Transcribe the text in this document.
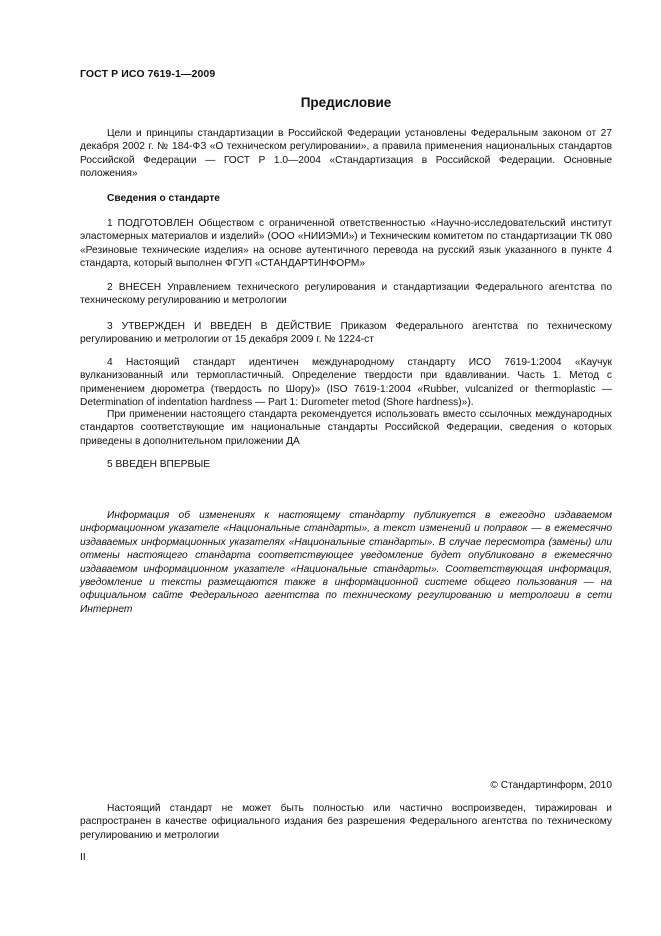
ГОСТ Р ИСО 7619-1—2009
Предисловие
Цели и принципы стандартизации в Российской Федерации установлены Федеральным законом от 27 декабря 2002 г. № 184-ФЗ «О техническом регулировании», а правила применения национальных стандартов Российской Федерации — ГОСТ Р 1.0—2004 «Стандартизация в Российской Федерации. Основные положения»
Сведения о стандарте
1 ПОДГОТОВЛЕН Обществом с ограниченной ответственностью «Научно-исследовательский институт эластомерных материалов и изделий» (ООО «НИИЭМИ») и Техническим комитетом по стандартизации ТК 080 «Резиновые технические изделия» на основе аутентичного перевода на русский язык указанного в пункте 4 стандарта, который выполнен ФГУП «СТАНДАРТИНФОРМ»
2 ВНЕСЕН Управлением технического регулирования и стандартизации Федерального агентства по техническому регулированию и метрологии
3 УТВЕРЖДЕН И ВВЕДЕН В ДЕЙСТВИЕ Приказом Федерального агентства по техническому регулированию и метрологии от 15 декабря 2009 г. № 1224-ст
4 Настоящий стандарт идентичен международному стандарту ИСО 7619-1:2004 «Каучук вулканизованный или термопластичный. Определение твердости при вдавливании. Часть 1. Метод с применением дюрометра (твердость по Шору)» (ISO 7619-1:2004 «Rubber, vulcanized or thermoplastic — Determination of indentation hardness — Part 1: Durometer metod (Shore hardness)»).
При применении настоящего стандарта рекомендуется использовать вместо ссылочных международных стандартов соответствующие им национальные стандарты Российской Федерации, сведения о которых приведены в дополнительном приложении ДА
5 ВВЕДЕН ВПЕРВЫЕ
Информация об изменениях к настоящему стандарту публикуется в ежегодно издаваемом информационном указателе «Национальные стандарты», а текст изменений и поправок — в ежемесячно издаваемых информационных указателях «Национальные стандарты». В случае пересмотра (замены) или отмены настоящего стандарта соответствующее уведомление будет опубликовано в ежемесячно издаваемом информационном указателе «Национальные стандарты». Соответствующая информация, уведомление и тексты размещаются также в информационной системе общего пользования — на официальном сайте Федерального агентства по техническому регулированию и метрологии в сети Интернет
© Стандартинформ, 2010
Настоящий стандарт не может быть полностью или частично воспроизведен, тиражирован и распространен в качестве официального издания без разрешения Федерального агентства по техническому регулированию и метрологии
II
